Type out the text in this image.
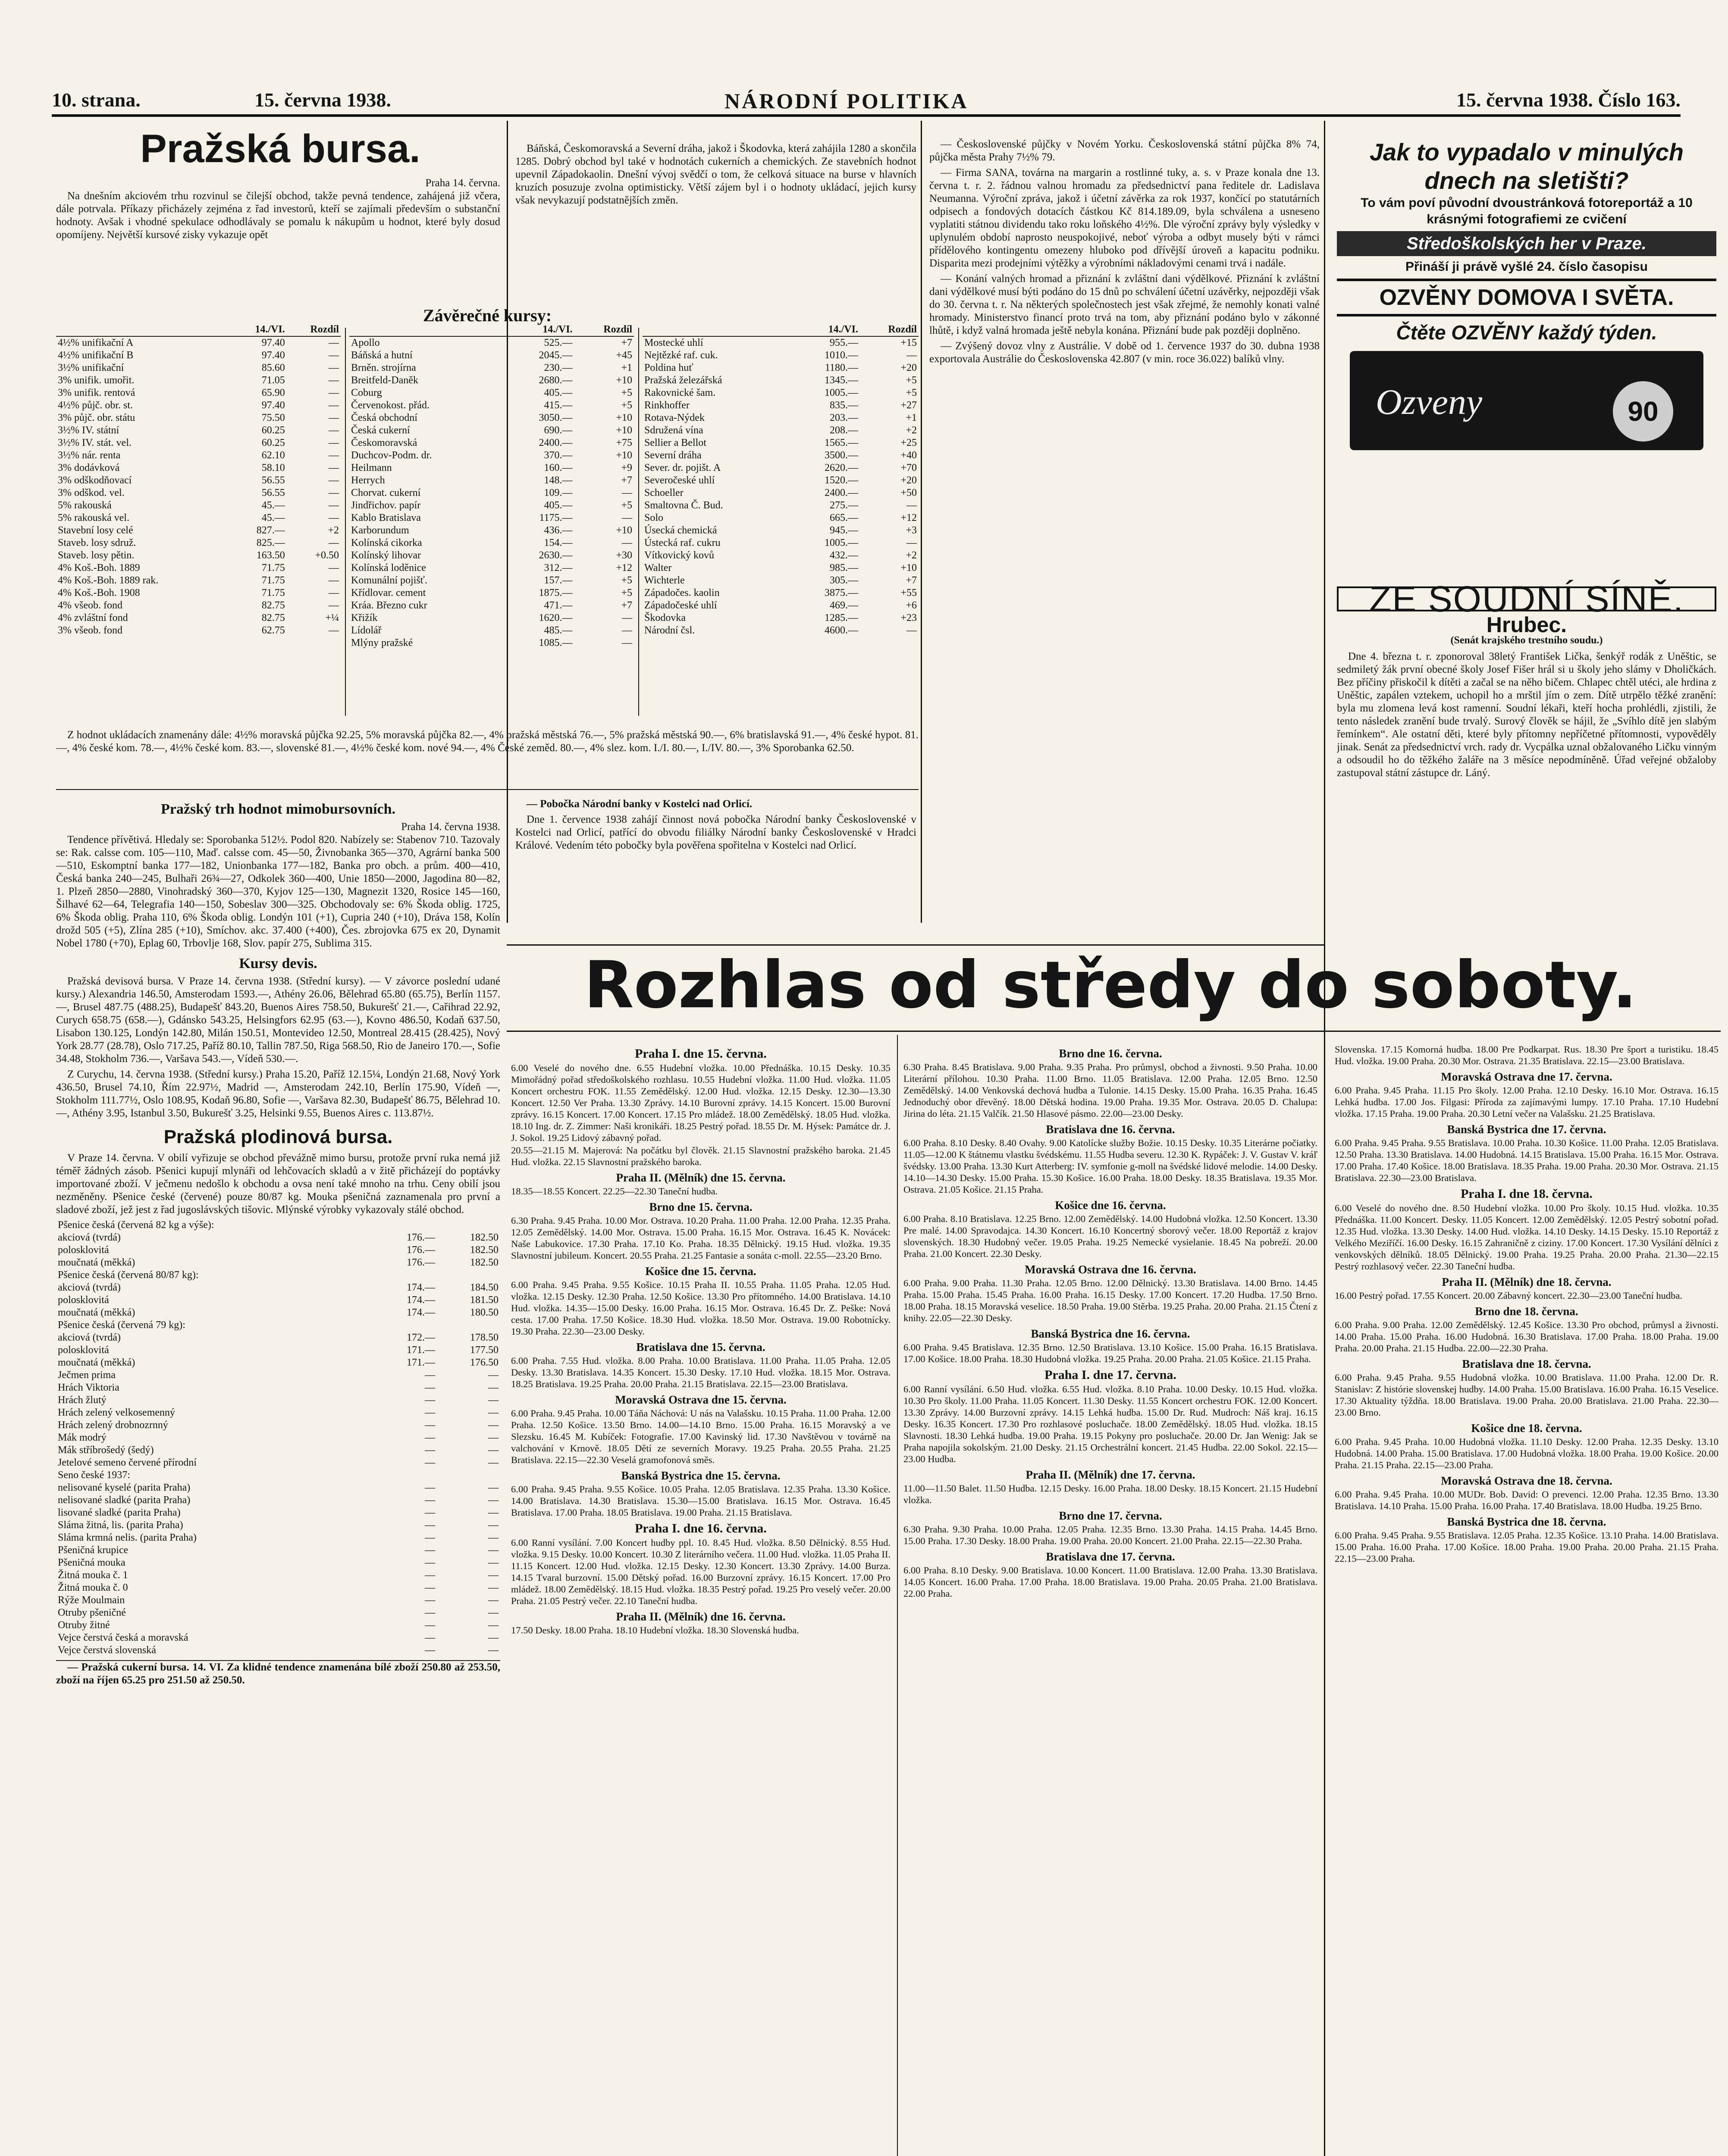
10. strana.	15. června 1938.	NÁRODNÍ POLITIKA	15. června 1938. Číslo 163.
Pražská bursa.
Praha 14. června.

Na dnešním akciovém trhu rozvinul se čilejší obchod, takže pevná tendence, zahájená již včera, dále potrvala. Příkazy přicházely zejména z řad investorů, kteří se zajímali především o substanční hodnoty. Avšak i vhodné spekulace odhodlávaly se pomalu k nákupům u hodnot, které byly dosud opomíjeny. Největší kursové zisky vykazuje opět

Báňská, Českomoravská a Severní dráha, jakož i Škodovka, která zahájila 1280 a skončila 1285. Dobrý obchod byl také v hodnotách cukerních a chemických. Ze stavebních hodnot upevnil Západokaolin. Dnešní vývoj svědčí o tom, že celková situace na burse v hlavních kruzích posuzuje zvolna optimisticky. Větší zájem byl i o hodnoty ukládací, jejich kursy však nevykazují podstatnějších změn.

Závěrečné kursy:
	14./VI.	Rozdíl
4½% unifikační A	97.40	—
4½% unifikační B	97.40	—
3½% unifikační	85.60	—
3% unifik. umořit.	71.05	—
3% unifik. rentová	65.90	—
4½% půjč. obr. st.	97.40	—
3% půjč. obr. státu	75.50	—
3½% IV. státní	60.25	—
3½% IV. stát. vel.	60.25	—
3½% nár. renta	62.10	—
3% dodávková	58.10	—
3% odškodňovací	56.55	—
3% odškod. vel.	56.55	—
5% rakouská	45.—	—
5% rakouská vel.	45.—	—
Stavební losy celé	827.—	+2
Staveb. losy sdruž.	825.—	—
Staveb. losy pětin.	163.50	+0.50
4% Koš.-Boh. 1889	71.75	—
4% Koš.-Boh. 1889 rak.	71.75	—
4% Koš.-Boh. 1908	71.75	—
4% všeob. fond	82.75	—
4% zvláštní fond	82.75	+¼
3% všeob. fond	62.75	—
	14./VI.	Rozdíl
Apollo	525.—	+7
Báňská a hutní	2045.—	+45
Brněn. strojírna	230.—	+1
Breitfeld-Daněk	2680.—	+10
Coburg	405.—	+5
Červenokost. přád.	415.—	+5
Česká obchodní	3050.—	+10
Česká cukerní	690.—	+10
Českomoravská	2400.—	+75
Duchcov-Podm. dr.	370.—	+10
Heilmann	160.—	+9
Herrych	148.—	+7
Chorvat. cukerní	109.—	—
Jindřichov. papír	405.—	+5
Kablo Bratislava	1175.—	—
Karborundum	436.—	+10
Kolínská cikorka	154.—	—
Kolínský lihovar	2630.—	+30
Kolínská loděnice	312.—	+12
Komunální pojišť.	157.—	+5
Křídlovar. cement	1875.—	+5
Kráa. Březno cukr	471.—	+7
Křižík	1620.—	—
Lídolář	485.—	—
Mlýny pražské	1085.—	—
	14./VI.	Rozdíl
Mostecké uhlí	955.—	+15
Nejtězké raf. cuk.	1010.—	—
Poldina huť	1180.—	+20
Pražská železářská	1345.—	+5
Rakovnické šam.	1005.—	+5
Rinkhoffer	835.—	+27
Rotava-Nýdek	203.—	+1
Sdružená vína	208.—	+2
Sellier a Bellot	1565.—	+25
Severní dráha	3500.—	+40
Sever. dr. pojišt. A	2620.—	+70
Severočeské uhlí	1520.—	+20
Schoeller	2400.—	+50
Smaltovna Č. Bud.	275.—	—
Solo	665.—	+12
Úsecká chemická	945.—	+3
Ústecká raf. cukru	1005.—	—
Vítkovický kovů	432.—	+2
Walter	985.—	+10
Wichterle	305.—	+7
Západočes. kaolin	3875.—	+55
Západočeské uhlí	469.—	+6
Škodovka	1285.—	+23

Národní čsl.	4600.—	—

Z hodnot ukládacích znamenány dále: 4½% moravská půjčka 92.25, 5% moravská půjčka 82.—, 4% pražská městská 76.—, 5% pražská městská 90.—, 6% bratislavská 91.—, 4% české hypot. 81.—, 4% české kom. 78.—, 4½% české kom. 83.—, slovenské 81.—, 4½% české kom. nové 94.—, 4% České zeměd. 80.—, 4% slez. kom. I./I. 80.—, I./IV. 80.—, 3% Sporobanka 62.50.

— Pobočka Národní banky v Kostelci nad Orlicí.

Dne 1. července 1938 zahájí činnost nová pobočka Národní banky Československé v Kostelci nad Orlicí, patřící do obvodu filiálky Národní banky Československé v Hradci Králové. Vedením této pobočky byla pověřena spořitelna v Kostelci nad Orlicí.

Pražský trh hodnot mimobursovních.
Praha 14. června 1938.

Tendence přívětivá. Hledaly se: Sporobanka 512½. Podol 820. Nabízely se: Stabenov 710. Tazovaly se: Rak. calsse com. 105—110, Maď. calsse com. 45—50, Živnobanka 365—370, Agrární banka 500—510, Eskomptní banka 177—182, Unionbanka 177—182, Banka pro obch. a prům. 400—410, Česká banka 240—245, Bulhaři 26¾—27, Odkolek 360—400, Unie 1850—2000, Jagodina 80—82, 1. Plzeň 2850—2880, Vinohradský 360—370, Kyjov 125—130, Magnezit 1320, Rosice 145—160, Šilhavé 62—64, Telegrafia 140—150, Sobeslav 300—325. Obchodovaly se: 6% Škoda oblig. 1725, 6% Škoda oblig. Praha 110, 6% Škoda oblig. Londýn 101 (+1), Cupria 240 (+10), Dráva 158, Kolín drožd 505 (+5), Zlína 285 (+10), Smíchov. akc. 37.400 (+400), Čes. zbrojovka 675 ex 20, Dynamit Nobel 1780 (+70), Eplag 60, Trbovlje 168, Slov. papír 275, Sublima 315.

Kursy devis.

Pražská devisová bursa. V Praze 14. června 1938. (Střední kursy). — V závorce poslední udané kursy.) Alexandria 146.50, Amsterodam 1593.—, Athény 26.06, Bělehrad 65.80 (65.75), Berlín 1157.—, Brusel 487.75 (488.25), Budapešť 843.20, Buenos Aires 758.50, Bukurešť 21.—, Cařihrad 22.92, Curych 658.75 (658.—), Gdánsko 543.25, Helsingfors 62.95 (63.—), Kovno 486.50, Kodaň 637.50, Lisabon 130.125, Londýn 142.80, Milán 150.51, Montevideo 12.50, Montreal 28.415 (28.425), Nový York 28.77 (28.78), Oslo 717.25, Paříž 80.10, Tallin 787.50, Riga 568.50, Rio de Janeiro 170.—, Sofie 34.48, Stokholm 736.—, Varšava 543.—, Vídeň 530.—.

Z Curychu, 14. června 1938. (Střední kursy.) Praha 15.20, Paříž 12.15¼, Londýn 21.68, Nový York 436.50, Brusel 74.10, Řím 22.97½, Madrid —, Amsterodam 242.10, Berlín 175.90, Vídeň —, Stokholm 111.77½, Oslo 108.95, Kodaň 96.80, Sofie —, Varšava 82.30, Budapešť 86.75, Bělehrad 10.—, Athény 3.95, Istanbul 3.50, Bukurešť 3.25, Helsinki 9.55, Buenos Aires c. 113.87½.

Pražská plodinová bursa.

V Praze 14. června. V obilí vyřizuje se obchod převážně mimo bursu, protože první ruka nemá již téměř žádných zásob. Pšenici kupují mlynáři od lehčovacích skladů a v žitě přicházejí do poptávky importované zboží. V ječmenu nedošlo k obchodu a ovsa není také mnoho na trhu. Ceny obilí jsou nezměněny. Pšenice české (červené) pouze 80/87 kg. Mouka pšeničná zaznamenala pro první a sladové zboží, jež jest z řad jugoslávských tišovic. Mlýnské výrobky vykazovaly stálé obchod.

Pšenice česká (červená 82 kg a výše):		
akciová (tvrdá)	176.—	182.50
polosklovitá	176.—	182.50
moučnatá (měkká)	176.—	182.50
Pšenice česká (červená 80/87 kg):		
akciová (tvrdá)	174.—	184.50
polosklovitá	174.—	181.50
moučnatá (měkká)	174.—	180.50
Pšenice česká (červená 79 kg):		
akciová (tvrdá)	172.—	178.50
polosklovitá	171.—	177.50
moučnatá (měkká)	171.—	176.50
Ječmen prima	—	—
Hrách Viktoria	—	—
Hrách žlutý	—	—
Hrách zelený velkosemenný	—	—
Hrách zelený drobnozrnný	—	—
Mák modrý	—	—
Mák stříbrošedý (šedý)	—	—
Jetelové semeno červené přírodní	—	—
Seno české 1937:		
nelisované kyselé (parita Praha)	—	—
nelisované sladké (parita Praha)	—	—
lisované sladké (parita Praha)	—	—
Sláma žitná, lis. (parita Praha)	—	—
Sláma krmná nelis. (parita Praha)	—	—
Pšeničná krupice	—	—
Pšeničná mouka	—	—
Žitná mouka č. 1	—	—
Žitná mouka č. 0	—	—
Rýže Moulmain	—	—
Otruby pšeničné	—	—
Otruby žitné	—	—
Vejce čerstvá česká a moravská	—	—
Vejce čerstvá slovenská	—	—

— Pražská cukerní bursa. 14. VI. Za klidné tendence znamenána bílé zboží 250.80 až 253.50, zboží na říjen 65.25 pro 251.50 až 250.50.

— Československé půjčky v Novém Yorku. Československá státní půjčka 8% 74, půjčka města Prahy 7½% 79.

— Firma SANA, továrna na margarin a rostlinné tuky, a. s. v Praze konala dne 13. června t. r. 2. řádnou valnou hromadu za předsednictví pana ředitele dr. Ladislava Neumanna. Výroční zpráva, jakož i účetní závěrka za rok 1937, končící po statutárních odpisech a fondových dotacích částkou Kč 814.189.09, byla schválena a usneseno vyplatiti státnou dividendu tako roku loňského 4½%. Dle výroční zprávy byly výsledky v uplynulém období naprosto neuspokojivé, neboť výroba a odbyt musely býti v rámci přídělového kontingentu omezeny hluboko pod dřívější úroveň a kapacitu podniku. Disparita mezi prodejními výtěžky a výrobními nákladovými cenami trvá i nadále.

— Konání valných hromad a přiznání k zvláštní dani výdělkové. Přiznání k zvláštní dani výdělkové musí býti podáno do 15 dnů po schválení účetní uzávěrky, nejpozději však do 30. června t. r. Na některých společnostech jest však zřejmé, že nemohly konati valné hromady. Ministerstvo financí proto trvá na tom, aby přiznání podáno bylo v zákonné lhůtě, i když valná hromada ještě nebyla konána. Přiznání bude pak později doplněno.

— Zvýšený dovoz vlny z Austrálie. V době od 1. července 1937 do 30. dubna 1938 exportovala Austrálie do Československa 42.807 (v min. roce 36.022) balíků vlny.

Jak to vypadalo v minulých dnech na sletišti?
To vám poví původní dvoustránková fotoreportáž a 10 krásnými fotografiemi ze cvičení
Středoškolských her v Praze.
Přináší ji právě vyšlé 24. číslo časopisu
OZVĚNY DOMOVA I SVĚTA.
Čtěte OZVĚNY každý týden.
Ozveny	90
ZE SOUDNÍ SÍNĚ.
Hrubec.
(Senát krajského trestního soudu.)

Dne 4. března t. r. zponoroval 38letý František Lička, šenkýř rodák z Uněštic, se sedmiletý žák první obecné školy Josef Fišer hrál si u školy jeho slámy v Dholičkách. Bez příčiny přiskočil k dítěti a začal se na něho bičem. Chlapec chtěl utéci, ale hrdina z Uněštic, zapálen vztekem, uchopil ho a mrštil jím o zem. Dítě utrpělo těžké zranění: byla mu zlomena levá kost ramenní. Soudní lékaři, kteří hocha prohlédli, zjistili, že tento následek zranění bude trvalý. Surový člověk se hájil, že „Svíhlo dítě jen slabým řemínkem“. Ale ostatní děti, které byly přítomny nepříčetné přítomnosti, vypověděly jinak. Senát za předsednictví vrch. rady dr. Vycpálka uznal obžalovaného Ličku vinným a odsoudil ho do těžkého žaláře na 3 měsíce nepodmíněně. Úřad veřejné obžaloby zastupoval státní zástupce dr. Láný.

Rozhlas od středy do soboty.
Praha I. dne 15. června.

6.00 Veselé do nového dne. 6.55 Hudební vložka. 10.00 Přednáška. 10.15 Desky. 10.35 Mimořádný pořad středoškolského rozhlasu. 10.55 Hudební vložka. 11.00 Hud. vložka. 11.05 Koncert orchestru FOK. 11.55 Zemědělský. 12.00 Hud. vložka. 12.15 Desky. 12.30—13.30 Koncert. 12.50 Ver Praha. 13.30 Zprávy. 14.10 Burovní zprávy. 14.15 Koncert. 15.00 Burovní zprávy. 16.15 Koncert. 17.00 Koncert. 17.15 Pro mládež. 18.00 Zemědělský. 18.05 Hud. vložka. 18.10 Ing. dr. Z. Zimmer: Naši kronikáři. 18.25 Pestrý pořad. 18.55 Dr. M. Hýsek: Památce dr. J. J. Sokol. 19.25 Lidový zábavný pořad.

20.55—21.15 M. Majerová: Na počátku byl člověk. 21.15 Slavnostní pražského baroka. 21.45 Hud. vložka. 22.15 Slavnostní pražského baroka.

Praha II. (Mělník) dne 15. června.

18.35—18.55 Koncert. 22.25—22.30 Taneční hudba.

Brno dne 15. června.

6.30 Praha. 9.45 Praha. 10.00 Mor. Ostrava. 10.20 Praha. 11.00 Praha. 12.00 Praha. 12.35 Praha. 12.05 Zemědělský. 14.00 Mor. Ostrava. 15.00 Praha. 16.15 Mor. Ostrava. 16.45 K. Novácek: Naše Labukovice. 17.30 Praha. 17.10 Ko. Praha. 18.35 Dělnický. 19.15 Hud. vložka. 19.35 Slavnostní jubileum. Koncert. 20.55 Praha. 21.25 Fantasie a sonáta c-moll. 22.55—23.20 Brno.

Košice dne 15. června.

6.00 Praha. 9.45 Praha. 9.55 Košice. 10.15 Praha II. 10.55 Praha. 11.05 Praha. 12.05 Hud. vložka. 12.15 Desky. 12.30 Praha. 12.50 Košice. 13.30 Pro přítomného. 14.00 Bratislava. 14.10 Hud. vložka. 14.35—15.00 Desky. 16.00 Praha. 16.15 Mor. Ostrava. 16.45 Dr. Z. Peške: Nová cesta. 17.00 Praha. 17.50 Košice. 18.30 Hud. vložka. 18.50 Mor. Ostrava. 19.00 Robotnícky. 19.30 Praha. 22.30—23.00 Desky.

Bratislava dne 15. června.

6.00 Praha. 7.55 Hud. vložka. 8.00 Praha. 10.00 Bratislava. 11.00 Praha. 11.05 Praha. 12.05 Desky. 13.30 Bratislava. 14.35 Koncert. 15.30 Desky. 17.10 Hud. vložka. 18.15 Mor. Ostrava. 18.25 Bratislava. 19.25 Praha. 20.00 Praha. 21.15 Bratislava. 22.15—23.00 Bratislava.

Moravská Ostrava dne 15. června.

6.00 Praha. 9.45 Praha. 10.00 Táňa Náchová: U nás na Valašsku. 10.15 Praha. 11.00 Praha. 12.00 Praha. 12.50 Košice. 13.50 Brno. 14.00—14.10 Brno. 15.00 Praha. 16.15 Moravský a ve Slezsku. 16.45 M. Kubíček: Fotografie. 17.00 Kavinský lid. 17.30 Navštěvou v továrně na valchování v Krnově. 18.05 Dětí ze severních Moravy. 19.25 Praha. 20.55 Praha. 21.25 Bratislava. 22.15—22.30 Veselá gramofonová směs.

Banská Bystrica dne 15. června.

6.00 Praha. 9.45 Praha. 9.55 Košice. 10.05 Praha. 12.05 Bratislava. 12.35 Praha. 13.30 Košice. 14.00 Bratislava. 14.30 Bratislava. 15.30—15.00 Bratislava. 16.15 Mor. Ostrava. 16.45 Bratislava. 17.00 Praha. 18.05 Bratislava. 19.00 Praha. 21.15 Bratislava.

Praha I. dne 16. června.

6.00 Ranní vysílání. 7.00 Koncert hudby ppl. 10. 8.45 Hud. vložka. 8.50 Dělnický. 8.55 Hud. vložka. 9.15 Desky. 10.00 Koncert. 10.30 Z literárního večera. 11.00 Hud. vložka. 11.05 Praha II. 11.15 Koncert. 12.00 Hud. vložka. 12.15 Desky. 12.30 Koncert. 13.30 Zprávy. 14.00 Burza. 14.15 Tvaral burzovní. 15.00 Dětský pořad. 16.00 Burzovní zprávy. 16.15 Koncert. 17.00 Pro mládež. 18.00 Zemědělský. 18.15 Hud. vložka. 18.35 Pestrý pořad. 19.25 Pro veselý večer. 20.00 Praha. 21.05 Pestrý večer. 22.10 Taneční hudba.

Praha II. (Mělník) dne 16. června.

17.50 Desky. 18.00 Praha. 18.10 Hudební vložka. 18.30 Slovenská hudba.

Brno dne 16. června.

6.30 Praha. 8.45 Bratislava. 9.00 Praha. 9.35 Praha. Pro průmysl, obchod a živnosti. 9.50 Praha. 10.00 Literární přílohou. 10.30 Praha. 11.00 Brno. 11.05 Bratislava. 12.00 Praha. 12.05 Brno. 12.50 Zemědělský. 14.00 Venkovská dechová hudba a Tulonie. 14.15 Desky. 15.00 Praha. 16.35 Praha. 16.45 Jednoduchý obor dřevěný. 18.00 Dětská hodina. 19.00 Praha. 19.35 Mor. Ostrava. 20.05 D. Chalupa: Jirina do léta. 21.15 Valčík. 21.50 Hlasové pásmo. 22.00—23.00 Desky.

Bratislava dne 16. června.

6.00 Praha. 8.10 Desky. 8.40 Ovahy. 9.00 Katolícke služby Božie. 10.15 Desky. 10.35 Literárne počiatky. 11.05—12.00 K štátnemu vlastku švédskému. 11.55 Hudba severu. 12.30 K. Rypáček: J. V. Gustav V. kráľ švédsky. 13.00 Praha. 13.30 Kurt Atterberg: IV. symfonie g-moll na švédské lidové melodie. 14.00 Desky. 14.10—14.30 Desky. 15.00 Praha. 15.30 Košice. 16.00 Praha. 18.00 Desky. 18.35 Bratislava. 19.35 Mor. Ostrava. 21.05 Košice. 21.15 Praha.

Košice dne 16. června.

6.00 Praha. 8.10 Bratislava. 12.25 Brno. 12.00 Zemědělský. 14.00 Hudobná vložka. 12.50 Koncert. 13.30 Pre malé. 14.00 Spravodajca. 14.30 Koncert. 16.10 Koncertný sborový večer. 18.00 Reportáž z krajov slovenských. 18.30 Hudobný večer. 19.05 Praha. 19.25 Nemecké vysielanie. 18.45 Na pobreží. 20.00 Praha. 21.00 Koncert. 22.30 Desky.

Moravská Ostrava dne 16. června.

6.00 Praha. 9.00 Praha. 11.30 Praha. 12.05 Brno. 12.00 Dělnický. 13.30 Bratislava. 14.00 Brno. 14.45 Praha. 15.00 Praha. 15.45 Praha. 16.00 Praha. 16.15 Desky. 17.00 Koncert. 17.20 Hudba. 17.50 Brno. 18.00 Praha. 18.15 Moravská veselice. 18.50 Praha. 19.00 Stěrba. 19.25 Praha. 20.00 Praha. 21.15 Čtení z knihy. 22.05—22.30 Desky.

Banská Bystrica dne 16. června.

6.00 Praha. 9.45 Bratislava. 12.35 Brno. 12.50 Bratislava. 13.10 Košice. 15.00 Praha. 16.15 Bratislava. 17.00 Košice. 18.00 Praha. 18.30 Hudobná vložka. 19.25 Praha. 20.00 Praha. 21.05 Košice. 21.15 Praha.

Praha I. dne 17. června.

6.00 Ranní vysílání. 6.50 Hud. vložka. 6.55 Hud. vložka. 8.10 Praha. 10.00 Desky. 10.15 Hud. vložka. 10.30 Pro školy. 11.00 Praha. 11.05 Koncert. 11.30 Desky. 11.55 Koncert orchestru FOK. 12.00 Koncert. 13.30 Zprávy. 14.00 Burzovní zprávy. 14.15 Lehká hudba. 15.00 Dr. Rud. Mudroch: Náš kraj. 16.15 Desky. 16.35 Koncert. 17.30 Pro rozhlasové posluchače. 18.00 Zemědělský. 18.05 Hud. vložka. 18.15 Slavnosti. 18.30 Lehká hudba. 19.00 Praha. 19.15 Pokyny pro posluchače. 20.00 Dr. Jan Wenig: Jak se Praha napojila sokolským. 21.00 Desky. 21.15 Orchestrální koncert. 21.45 Hudba. 22.00 Sokol. 22.15—23.00 Hudba.

Praha II. (Mělník) dne 17. června.

11.00—11.50 Balet. 11.50 Hudba. 12.15 Desky. 16.00 Praha. 18.00 Desky. 18.15 Koncert. 21.15 Hudební vložka.

Brno dne 17. června.

6.30 Praha. 9.30 Praha. 10.00 Praha. 12.05 Praha. 12.35 Brno. 13.30 Praha. 14.15 Praha. 14.45 Brno. 15.00 Praha. 17.30 Desky. 18.00 Praha. 19.00 Praha. 20.00 Koncert. 21.00 Praha. 22.15—22.30 Praha.

Bratislava dne 17. června.

6.00 Praha. 8.10 Desky. 9.00 Bratislava. 10.00 Koncert. 11.00 Bratislava. 12.00 Praha. 13.30 Bratislava. 14.05 Koncert. 16.00 Praha. 17.00 Praha. 18.00 Bratislava. 19.00 Praha. 20.05 Praha. 21.00 Bratislava. 22.00 Praha.

Slovenska. 17.15 Komorná hudba. 18.00 Pre Podkarpat. Rus. 18.30 Pre šport a turistiku. 18.45 Hud. vložka. 19.00 Praha. 20.30 Mor. Ostrava. 21.35 Bratislava. 22.15—23.00 Bratislava.

Moravská Ostrava dne 17. června.

6.00 Praha. 9.45 Praha. 11.15 Pro školy. 12.00 Praha. 12.10 Desky. 16.10 Mor. Ostrava. 16.15 Lehká hudba. 17.00 Jos. Filgasi: Příroda za zajímavými lumpy. 17.10 Praha. 17.10 Hudební vložka. 17.15 Praha. 19.00 Praha. 20.30 Letní večer na Valašsku. 21.25 Bratislava.

Banská Bystrica dne 17. června.

6.00 Praha. 9.45 Praha. 9.55 Bratislava. 10.00 Praha. 10.30 Košice. 11.00 Praha. 12.05 Bratislava. 12.50 Praha. 13.30 Bratislava. 14.00 Hudobná. 14.15 Bratislava. 15.00 Praha. 16.15 Mor. Ostrava. 17.00 Praha. 17.40 Košice. 18.00 Bratislava. 18.35 Praha. 19.00 Praha. 20.30 Mor. Ostrava. 21.15 Bratislava. 22.30—23.00 Bratislava.

Praha I. dne 18. června.

6.00 Veselé do nového dne. 8.50 Hudební vložka. 10.00 Pro školy. 10.15 Hud. vložka. 10.35 Přednáška. 11.00 Koncert. Desky. 11.05 Koncert. 12.00 Zemědělský. 12.05 Pestrý sobotní pořad. 12.35 Hud. vložka. 13.30 Desky. 14.00 Hud. vložka. 14.10 Desky. 14.15 Desky. 15.10 Reportáž z Velkého Meziříčí. 16.00 Desky. 16.15 Zahraničně z ciziny. 17.00 Koncert. 17.30 Vysílání dělníci z venkovských dělníků. 18.05 Dělnický. 19.00 Praha. 19.25 Praha. 20.00 Praha. 21.30—22.15 Pestrý rozhlasový večer. 22.30 Taneční hudba.

Praha II. (Mělník) dne 18. června.

16.00 Pestrý pořad. 17.55 Koncert. 20.00 Zábavný koncert. 22.30—23.00 Taneční hudba.

Brno dne 18. června.

6.00 Praha. 9.00 Praha. 12.00 Zemědělský. 12.45 Košice. 13.30 Pro obchod, průmysl a živnosti. 14.00 Praha. 15.00 Praha. 16.00 Hudobná. 16.30 Bratislava. 17.00 Praha. 18.00 Praha. 19.00 Praha. 20.00 Praha. 21.15 Hudba. 22.00—22.30 Praha.

Bratislava dne 18. června.

6.00 Praha. 9.45 Praha. 9.55 Hudobná vložka. 10.00 Bratislava. 11.00 Praha. 12.00 Dr. R. Stanislav: Z histórie slovenskej hudby. 14.00 Praha. 15.00 Bratislava. 16.00 Praha. 16.15 Veselice. 17.30 Aktuality týždňa. 18.00 Bratislava. 19.00 Praha. 20.00 Bratislava. 21.00 Praha. 22.30—23.00 Brno.

Košice dne 18. června.

6.00 Praha. 9.45 Praha. 10.00 Hudobná vložka. 11.10 Desky. 12.00 Praha. 12.35 Desky. 13.10 Hudobná. 14.00 Praha. 15.00 Bratislava. 17.00 Hudobná vložka. 18.00 Praha. 19.00 Košice. 20.00 Praha. 21.15 Praha. 22.15—23.00 Praha.

Moravská Ostrava dne 18. června.

6.00 Praha. 9.45 Praha. 10.00 MUDr. Bob. David: O prevenci. 12.00 Praha. 12.35 Brno. 13.30 Bratislava. 14.10 Praha. 15.00 Praha. 16.00 Praha. 17.40 Bratislava. 18.00 Hudba. 19.25 Brno.

Banská Bystrica dne 18. června.

6.00 Praha. 9.45 Praha. 9.55 Bratislava. 12.05 Praha. 12.35 Košice. 13.10 Praha. 14.00 Bratislava. 15.00 Praha. 16.00 Praha. 17.00 Košice. 18.00 Praha. 19.00 Praha. 20.00 Praha. 21.15 Praha. 22.15—23.00 Praha.
